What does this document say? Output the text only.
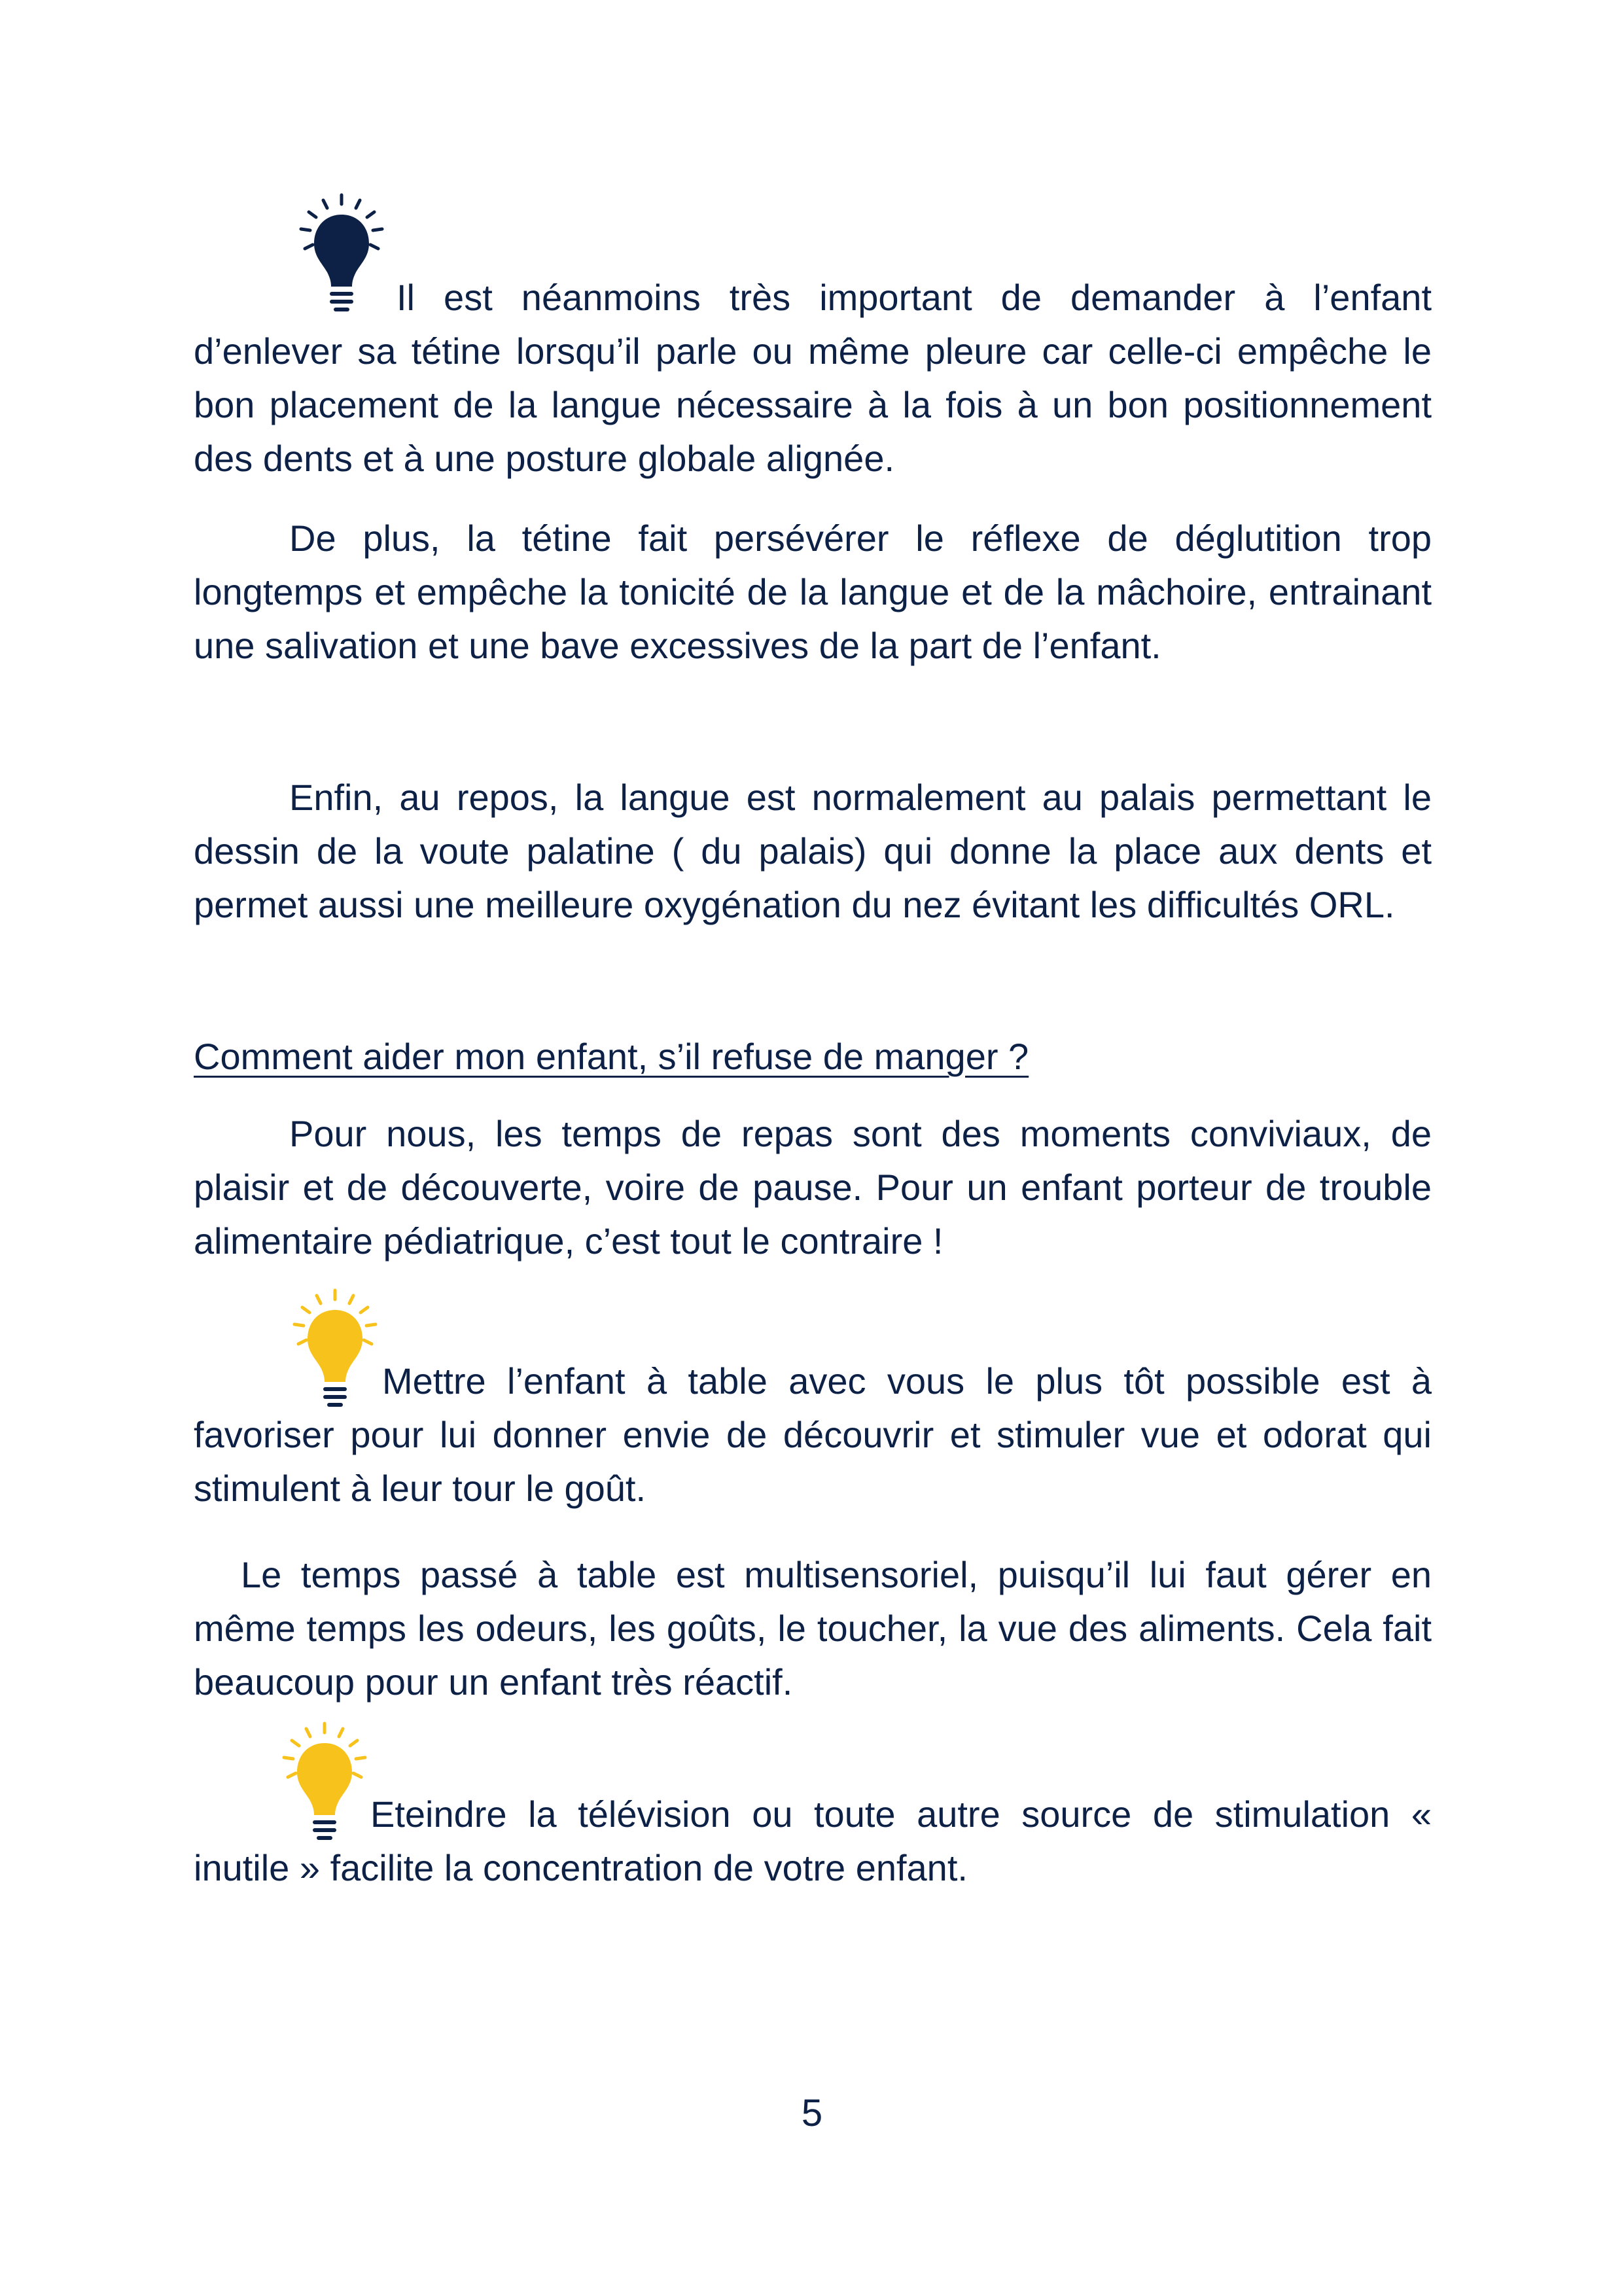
Il est néanmoins très important de demander à l’enfant d’enlever sa tétine lorsqu’il parle ou même pleure car celle-ci empêche le bon placement de la langue nécessaire à la fois à un bon positionnement des dents et à une posture globale alignée.

De plus, la tétine fait persévérer le réflexe de déglutition trop longtemps et empêche la tonicité de la langue et de la mâchoire, entrainant une salivation et une bave excessives de la part de l’enfant.

Enfin, au repos, la langue est normalement au palais permettant le dessin de la voute palatine ( du palais) qui donne la place aux dents et permet aussi une meilleure oxygénation du nez évitant les difficultés ORL.

Comment aider mon enfant, s’il refuse de manger ?

Pour nous, les temps de repas sont des moments conviviaux, de plaisir et de découverte, voire de pause. Pour un enfant porteur de trouble alimentaire pédiatrique, c’est tout le contraire !

Mettre l’enfant à table avec vous le plus tôt possible est à favoriser pour lui donner envie de découvrir et stimuler vue et odorat qui stimulent à leur tour le goût.

Le temps passé à table est multisensoriel, puisqu’il lui faut gérer en même temps les odeurs, les goûts, le toucher, la vue des aliments. Cela fait beaucoup pour un enfant très réactif.

Eteindre la télévision ou toute autre source de stimulation « inutile » facilite la concentration de votre enfant.

5
